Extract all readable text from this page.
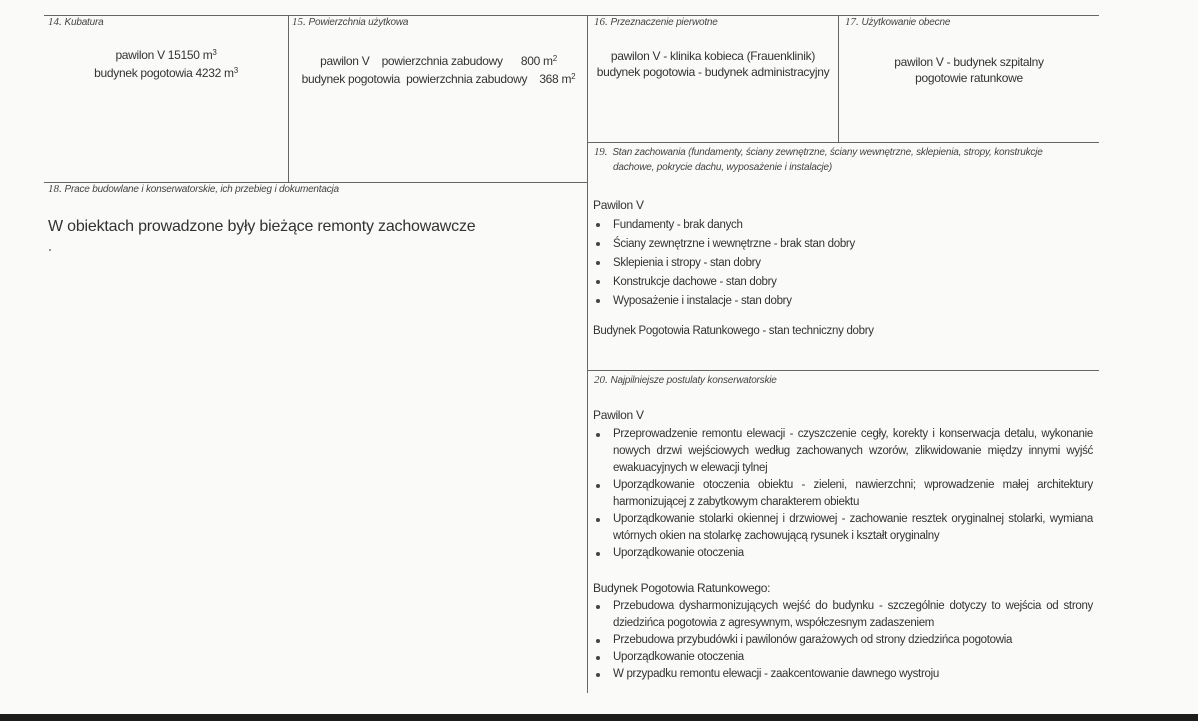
14. Kubatura
pawilon V 15150 $m^3$
budynek pogotowia 4232 $m^3$
15. Powierzchnia użytkowa
pawilon V powierzchnia zabudowy 800 $m^2$
budynek pogotowia powierzchnia zabudowy 368 $m^2$
16. Przeznaczenie pierwotne
pawilon V - klinika kobieca (Frauenklinik)
budynek pogotowia - budynek administracyjny
17. Użytkowanie obecne
pawilon V - budynek szpitalny
pogotowie ratunkowe
18. Prace budowlane i konserwatorskie, ich przebieg i dokumentacja
W obiektach prowadzone były bieżące remonty zachowawcze
19. Stan zachowania (fundamenty, ściany zewnętrzne, ściany wewnętrzne, sklepienia, stropy, konstrukcje
dachowe, pokrycie dachu, wyposażenie i instalacje)
Pawilon V
Fundamenty - brak danych
Ściany zewnętrzne i wewnętrzne - brak stan dobry
Sklepienia i stropy - stan dobry
Konstrukcje dachowe - stan dobry
Wyposażenie i instalacje - stan dobry
Budynek Pogotowia Ratunkowego - stan techniczny dobry
20. Najpilniejsze postulaty konserwatorskie
Pawilon V
Przeprowadzenie remontu elewacji - czyszczenie cegły, korekty i konserwacja detalu, wykonanie nowych drzwi wejściowych według zachowanych wzorów, zlikwidowanie między innymi wyjść ewakuacyjnych w elewacji tylnej
Uporządkowanie otoczenia obiektu - zieleni, nawierzchni; wprowadzenie małej architektury harmonizującej z zabytkowym charakterem obiektu
Uporządkowanie stolarki okiennej i drzwiowej - zachowanie resztek oryginalnej stolarki, wymiana wtórnych okien na stolarkę zachowującą rysunek i kształt oryginalny
Uporządkowanie otoczenia
Budynek Pogotowia Ratunkowego:
Przebudowa dysharmonizujących wejść do budynku - szczególnie dotyczy to wejścia od strony dziedzińca pogotowia z agresywnym, współczesnym zadaszeniem
Przebudowa przybudówki i pawilonów garażowych od strony dziedzińca pogotowia
Uporządkowanie otoczenia
W przypadku remontu elewacji - zaakcentowanie dawnego wystroju
